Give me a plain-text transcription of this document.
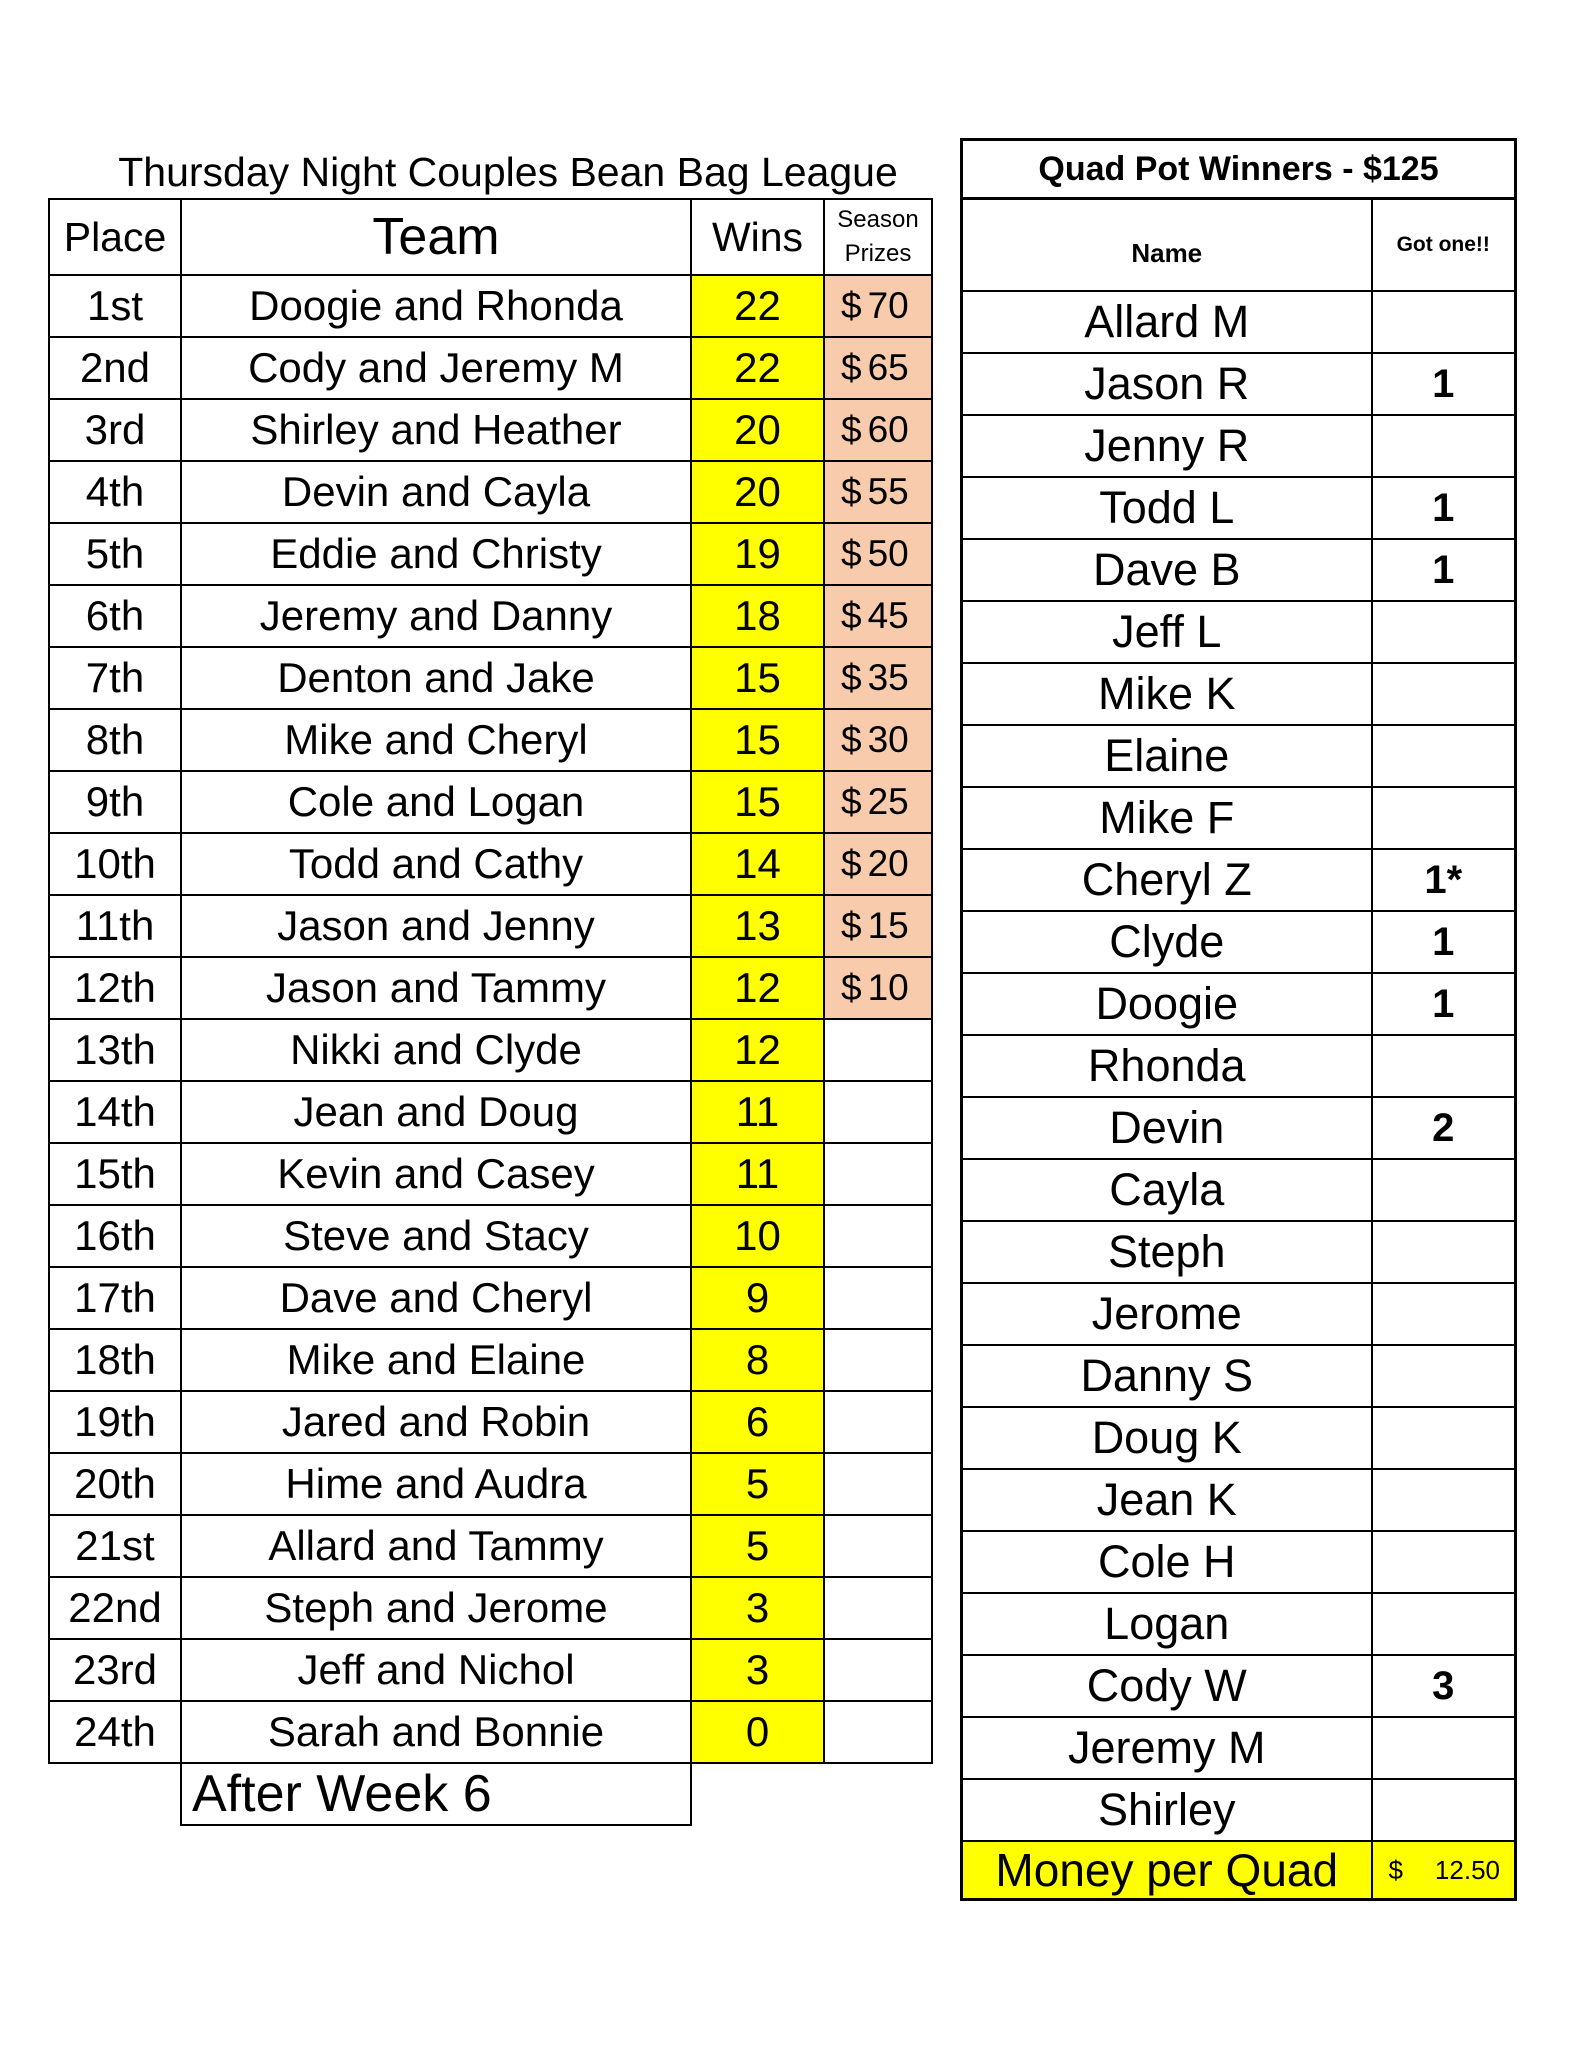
Thursday Night Couples Bean Bag League
Place	Team	Wins	Season
Prizes

1st	Doogie and Rhonda	22	$ 70

2nd	Cody and Jeremy M	22	$ 65

3rd	Shirley and Heather	20	$ 60

4th	Devin and Cayla	20	$ 55

5th	Eddie and Christy	19	$ 50

6th	Jeremy and Danny	18	$ 45

7th	Denton and Jake	15	$ 35

8th	Mike and Cheryl	15	$ 30

9th	Cole and Logan	15	$ 25

10th	Todd and Cathy	14	$ 20

11th	Jason and Jenny	13	$ 15

12th	Jason and Tammy	12	$ 10

13th	Nikki and Clyde	12	
14th	Jean and Doug	11	
15th	Kevin and Casey	11	
16th	Steve and Stacy	10	
17th	Dave and Cheryl	9	
18th	Mike and Elaine	8	
19th	Jared and Robin	6	
20th	Hime and Audra	5	
21st	Allard and Tammy	5	
22nd	Steph and Jerome	3	
23rd	Jeff and Nichol	3	
24th	Sarah and Bonnie	0	
	After Week 6		
Quad Pot Winners - $125	
Name	Got one!!
Allard M	
Jason R	1
Jenny R	
Todd L	1
Dave B	1
Jeff L	
Mike K	
Elaine	
Mike F	
Cheryl Z	1*
Clyde	1
Doogie	1
Rhonda	
Devin	2
Cayla	
Steph	
Jerome	
Danny S	
Doug K	
Jean K	
Cole H	
Logan	
Cody W	3
Jeremy M	
Shirley	
Money per Quad	$ 12.50
